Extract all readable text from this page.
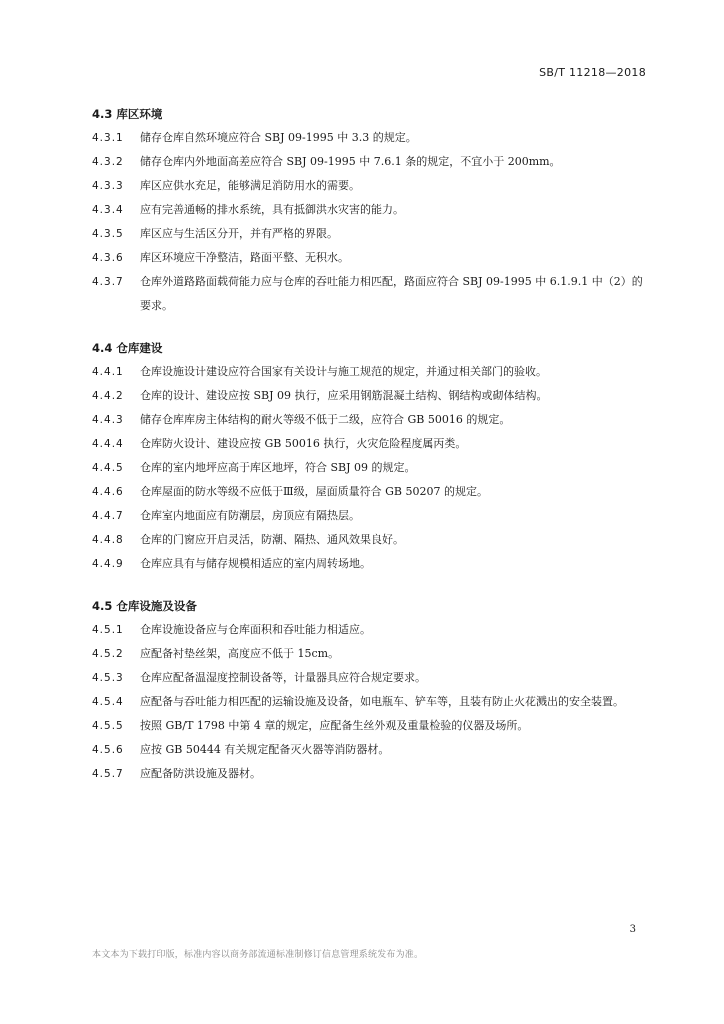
SB/T 11218—2018
4.3 库区环境
4.3.1	储存仓库自然环境应符合 SBJ 09-1995 中 3.3 的规定。
4.3.2	储存仓库内外地面高差应符合 SBJ 09-1995 中 7.6.1 条的规定，不宜小于 200mm。
4.3.3	库区应供水充足，能够满足消防用水的需要。
4.3.4	应有完善通畅的排水系统，具有抵御洪水灾害的能力。
4.3.5	库区应与生活区分开，并有严格的界限。
4.3.6	库区环境应干净整洁，路面平整、无积水。
4.3.7	仓库外道路路面载荷能力应与仓库的吞吐能力相匹配，路面应符合 SBJ 09-1995 中 6.1.9.1 中（2）的要求。
4.4 仓库建设
4.4.1	仓库设施设计建设应符合国家有关设计与施工规范的规定，并通过相关部门的验收。
4.4.2	仓库的设计、建设应按 SBJ 09 执行，应采用钢筋混凝土结构、钢结构或砌体结构。
4.4.3	储存仓库库房主体结构的耐火等级不低于二级，应符合 GB 50016 的规定。
4.4.4	仓库防火设计、建设应按 GB 50016 执行，火灾危险程度属丙类。
4.4.5	仓库的室内地坪应高于库区地坪，符合 SBJ 09 的规定。
4.4.6	仓库屋面的防水等级不应低于Ⅲ级，屋面质量符合 GB 50207 的规定。
4.4.7	仓库室内地面应有防潮层，房顶应有隔热层。
4.4.8	仓库的门窗应开启灵活，防潮、隔热、通风效果良好。
4.4.9	仓库应具有与储存规模相适应的室内周转场地。
4.5 仓库设施及设备
4.5.1	仓库设施设备应与仓库面积和吞吐能力相适应。
4.5.2	应配备衬垫丝架，高度应不低于 15cm。
4.5.3	仓库应配备温湿度控制设备等，计量器具应符合规定要求。
4.5.4	应配备与吞吐能力相匹配的运输设施及设备，如电瓶车、铲车等，且装有防止火花溅出的安全装置。
4.5.5	按照 GB/T 1798 中第 4 章的规定，应配备生丝外观及重量检验的仪器及场所。
4.5.6	应按 GB 50444 有关规定配备灭火器等消防器材。
4.5.7	应配备防洪设施及器材。
3
本文本为下载打印版，标准内容以商务部流通标准制修订信息管理系统发布为准。
